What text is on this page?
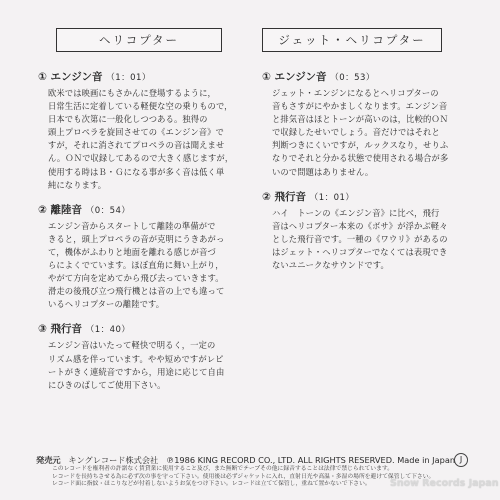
ヘリコプター
① エンジン音 （1：01）
欧米では映画にもさかんに登場するように，
日常生活に定着している軽便な空の乗りもので，
日本でも次第に一般化しつつある。独得の
頭上プロペラを旋回させての《エンジン音》で
すが，それに消されてプロペラの音は聞えませ
ん。ＯＮで収録してあるので大きく感じますが，
使用する時はＢ・Ｇになる事が多く音は低く単
純になります。
② 離陸音 （0：54）
エンジン音からスタートして離陸の準備がで
きると，頭上プロペラの音が克明にうきあがっ
て，機体がふわりと地面を離れる感じが音づ
らによくでています。ほぼ直角に舞い上がり，
やがて方向を定めてから飛び去っていきます。
滑走の後飛び立つ飛行機とは音の上でも違って
いるヘリコプターの離陸です。
③ 飛行音 （1：40）
エンジン音はいたって軽快で明るく，一定の
リズム感を伴っています。やや短めですがレピ
ートがきく連続音ですから，用途に応じて自由
にひきのばしてご使用下さい。
ジェット・ヘリコプター
① エンジン音 （0：53）
ジェット・エンジンになるとヘリコプターの
音もさすがにやかましくなります。エンジン音
と排気音はほとトーンが高いのは，比較的ＯＮ
で収録したせいでしょう。音だけではそれと
判断つきにくいですが，ルックスなり，せりふ
なりでそれと分かる状態で使用される場合が多
いので問題はありません。
② 飛行音 （1：01）
ハイ　トーンの《エンジン音》に比べ，飛行
音はヘリコプター本来の《ボサ》が浮かぶ軽々
とした飛行音です。一種の《ワウリ》があるの
はジェット・ヘリコプターでなくては表現でき
ないユニークなサウンドです。
発売元 キングレコード株式会社 ℗1986 KING RECORD CO., LTD. ALL RIGHTS RESERVED. Made in Japan J
このレコードを権利者の許諾なく賃貸業に使用すること及び，また無断でテープその他に録音することは法律で禁じられています。
レコードを長持ちさせる為に必ず次の事を守って下さい。使用後は必ずジャケットに入れ，直射日光や高温・多湿の場所を避けて保管して下さい。
レコード面に指紋・ほこりなどが付着しないようお気をつけ下さい。レコードは立てて保管し，重ねて置かないで下さい。	Snow Records Japan
